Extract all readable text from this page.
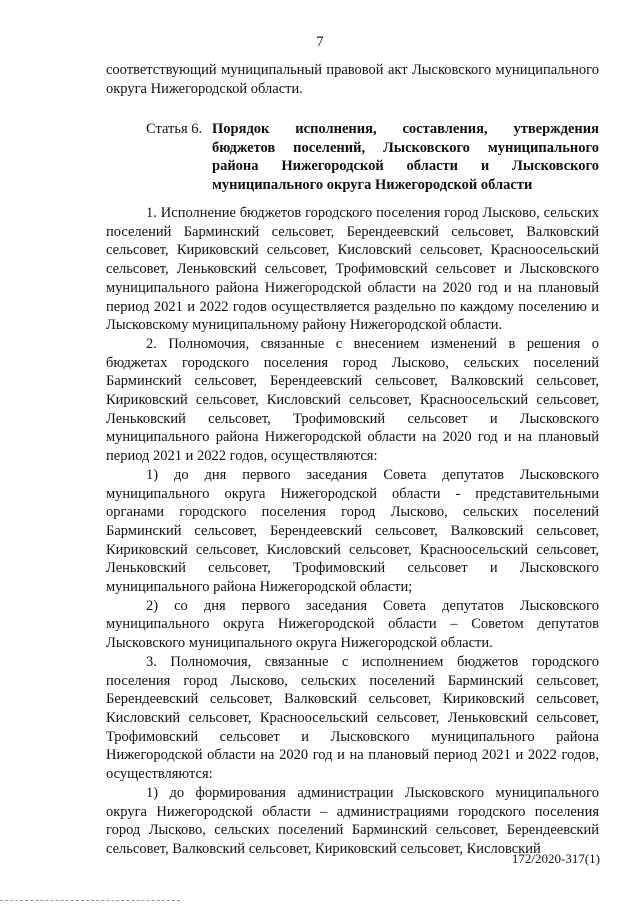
7

соответствующий муниципальный правовой акт Лысковского муниципального округа Нижегородской области.

Статья 6. Порядок исполнения, составления, утверждения бюджетов поселений, Лысковского муниципального района Нижегородской области и Лысковского муниципального округа Нижегородской области

1. Исполнение бюджетов городского поселения город Лысково, сельских поселений Барминский сельсовет, Берендеевский сельсовет, Валковский сельсовет, Кириковский сельсовет, Кисловский сельсовет, Красноосельский сельсовет, Леньковский сельсовет, Трофимовский сельсовет и Лысковского муниципального района Нижегородской области на 2020 год и на плановый период 2021 и 2022 годов осуществляется раздельно по каждому поселению и Лысковскому муниципальному району Нижегородской области.

2. Полномочия, связанные с внесением изменений в решения о бюджетах городского поселения город Лысково, сельских поселений Барминский сельсовет, Берендеевский сельсовет, Валковский сельсовет, Кириковский сельсовет, Кисловский сельсовет, Красноосельский сельсовет, Леньковский сельсовет, Трофимовский сельсовет и Лысковского муниципального района Нижегородской области на 2020 год и на плановый период 2021 и 2022 годов, осуществляются:

1) до дня первого заседания Совета депутатов Лысковского муниципального округа Нижегородской области - представительными органами городского поселения город Лысково, сельских поселений Барминский сельсовет, Берендеевский сельсовет, Валковский сельсовет, Кириковский сельсовет, Кисловский сельсовет, Красноосельский сельсовет, Леньковский сельсовет, Трофимовский сельсовет и Лысковского муниципального района Нижегородской области;

2) со дня первого заседания Совета депутатов Лысковского муниципального округа Нижегородской области – Советом депутатов Лысковского муниципального округа Нижегородской области.

3. Полномочия, связанные с исполнением бюджетов городского поселения город Лысково, сельских поселений Барминский сельсовет, Берендеевский сельсовет, Валковский сельсовет, Кириковский сельсовет, Кисловский сельсовет, Красноосельский сельсовет, Леньковский сельсовет, Трофимовский сельсовет и Лысковского муниципального района Нижегородской области на 2020 год и на плановый период 2021 и 2022 годов, осуществляются:

1) до формирования администрации Лысковского муниципального округа Нижегородской области – администрациями городского поселения город Лысково, сельских поселений Барминский сельсовет, Берендеевский сельсовет, Валковский сельсовет, Кириковский сельсовет, Кисловский

172/2020-317(1)
